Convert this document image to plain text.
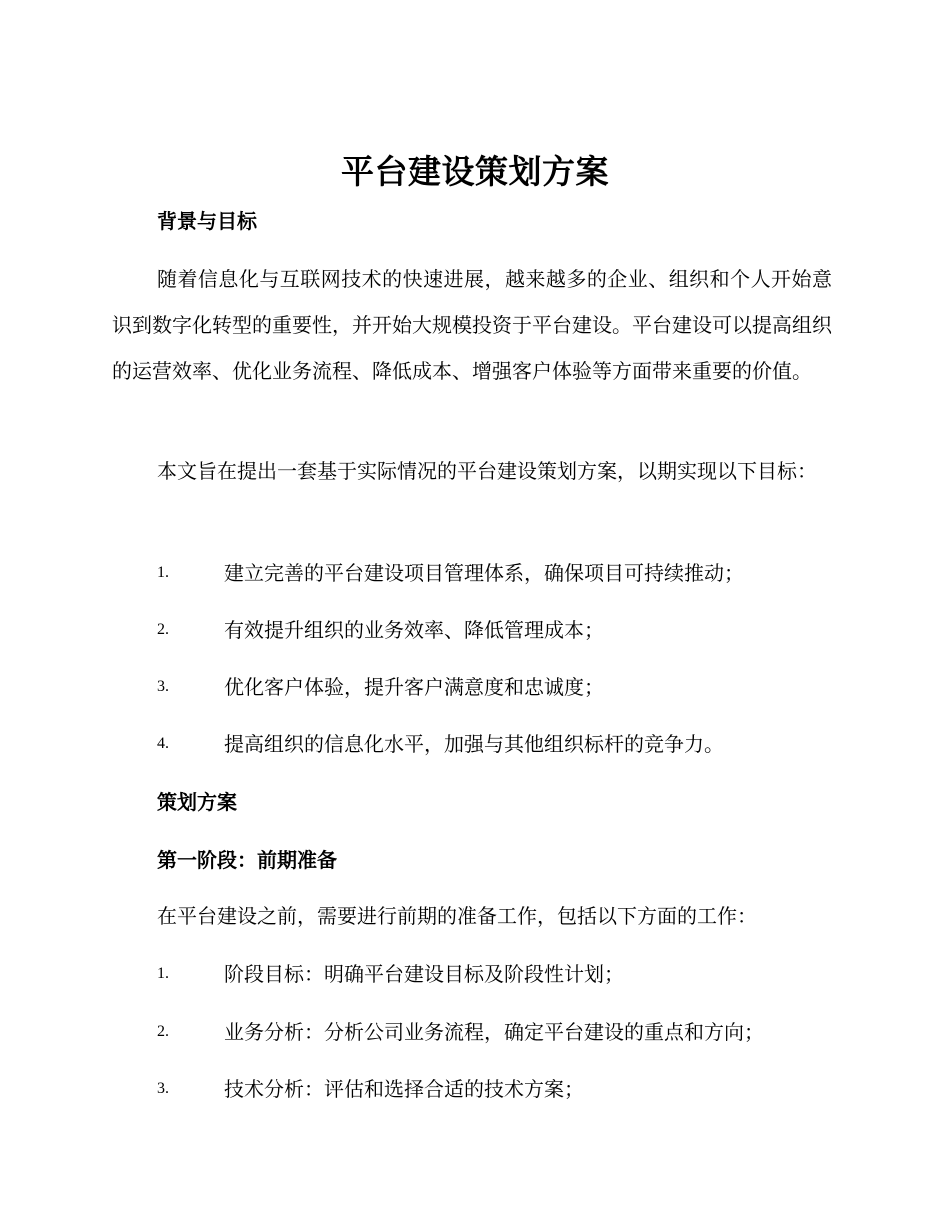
平台建设策划方案
背景与目标
随着信息化与互联网技术的快速进展，越来越多的企业、组织和个人开始意识到数字化转型的重要性，并开始大规模投资于平台建设。平台建设可以提高组织的运营效率、优化业务流程、降低成本、增强客户体验等方面带来重要的价值。
本文旨在提出一套基于实际情况的平台建设策划方案，以期实现以下目标：
1.	建立完善的平台建设项目管理体系，确保项目可持续推动；
2.	有效提升组织的业务效率、降低管理成本；
3.	优化客户体验，提升客户满意度和忠诚度；
4.	提高组织的信息化水平，加强与其他组织标杆的竞争力。
策划方案
第一阶段：前期准备
在平台建设之前，需要进行前期的准备工作，包括以下方面的工作：
1.	阶段目标：明确平台建设目标及阶段性计划；
2.	业务分析：分析公司业务流程，确定平台建设的重点和方向；
3.	技术分析：评估和选择合适的技术方案；
